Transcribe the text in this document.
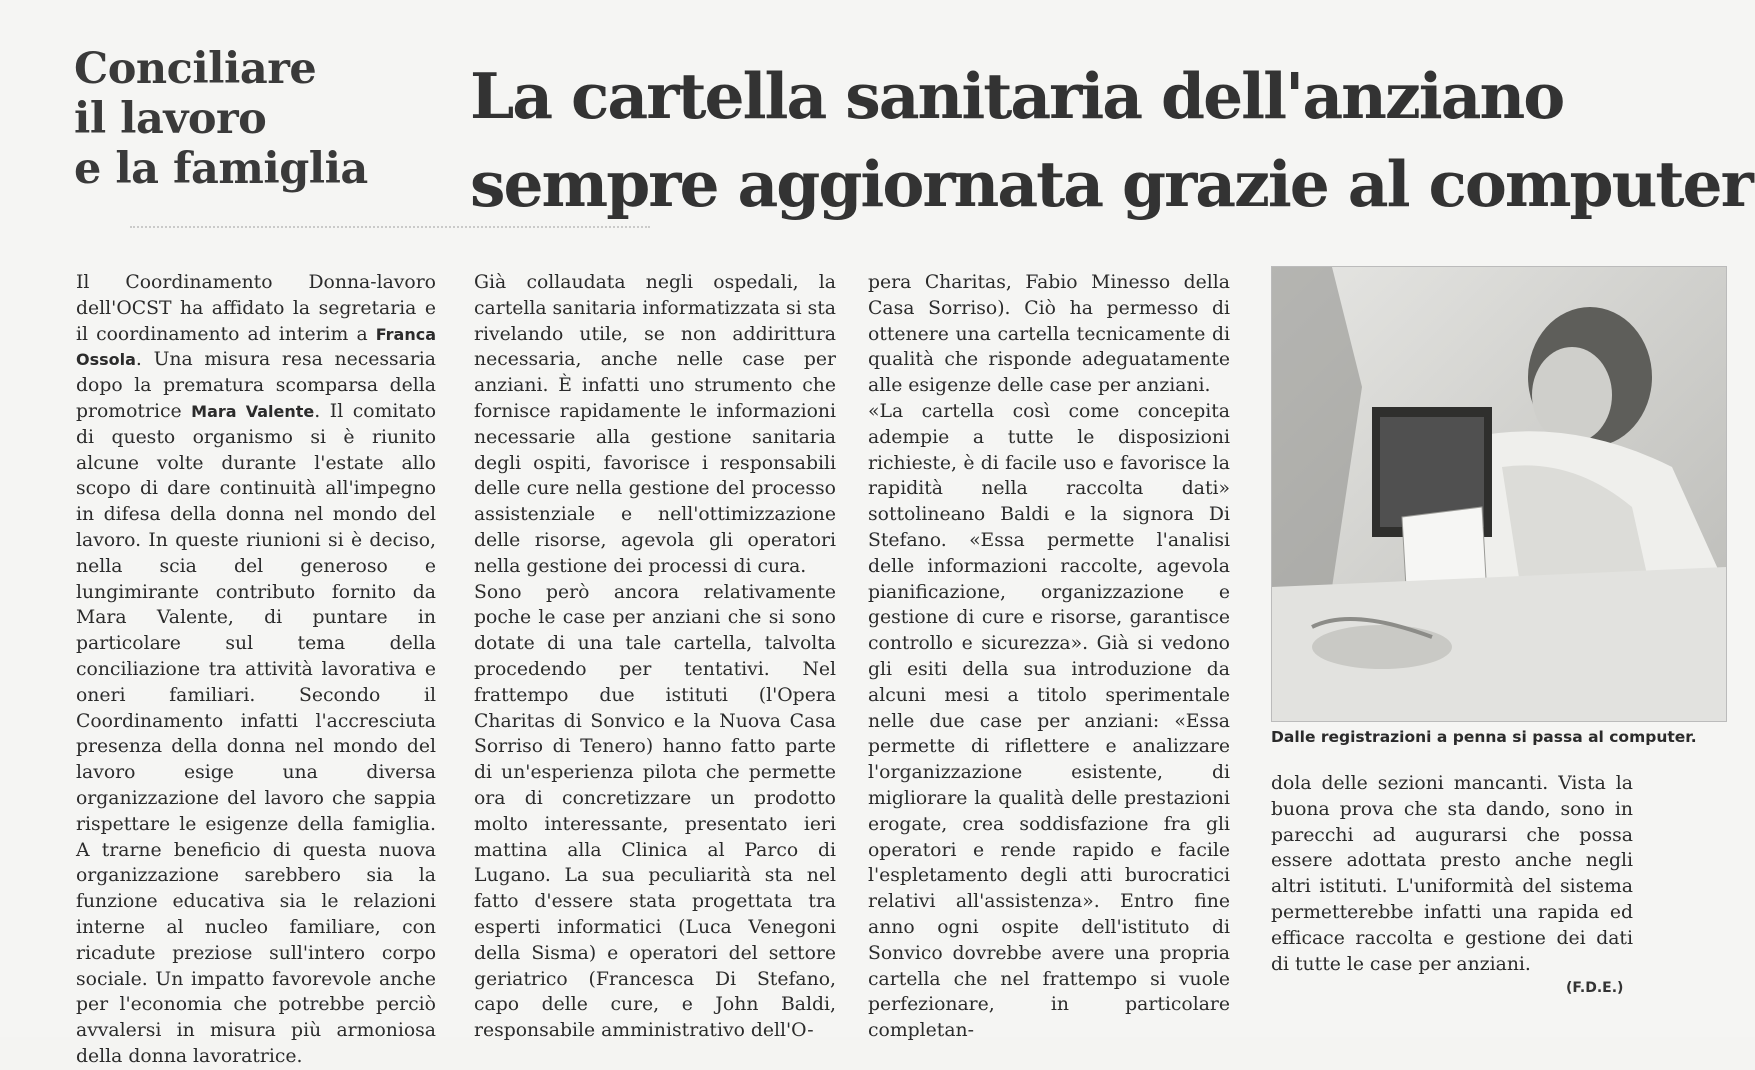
Conciliare
il lavoro
e la famiglia
La cartella sanitaria dell'anziano
sempre aggiornata grazie al computer

Il Coordinamento Donna-lavoro dell'OCST ha affidato la segretaria e il coordinamento ad interim a Franca Ossola. Una misura resa necessaria dopo la prematura scomparsa della promotrice Mara Valente. Il comitato di questo organismo si è riunito alcune volte durante l'estate allo scopo di dare continuità all'impegno in difesa della donna nel mondo del lavoro. In queste riunioni si è deciso, nella scia del generoso e lungimirante contributo fornito da Mara Valente, di puntare in particolare sul tema della conciliazione tra attività lavorativa e oneri familiari. Secondo il Coordinamento infatti l'accresciuta presenza della donna nel mondo del lavoro esige una diversa organizzazione del lavoro che sappia rispettare le esigenze della famiglia. A trarne beneficio di questa nuova organizzazione sarebbero sia la funzione educativa sia le relazioni interne al nucleo familiare, con ricadute preziose sull'intero corpo sociale. Un impatto favorevole anche per l'economia che potrebbe perciò avvalersi in misura più armoniosa della donna lavoratrice.

Già collaudata negli ospedali, la cartella sanitaria informatizzata si sta rivelando utile, se non addirittura necessaria, anche nelle case per anziani. È infatti uno strumento che fornisce rapidamente le informazioni necessarie alla gestione sanitaria degli ospiti, favorisce i responsabili delle cure nella gestione del processo assistenziale e nell'ottimizzazione delle risorse, agevola gli operatori nella gestione dei processi di cura.

Sono però ancora relativamente poche le case per anziani che si sono dotate di una tale cartella, talvolta procedendo per tentativi. Nel frattempo due istituti (l'Opera Charitas di Sonvico e la Nuova Casa Sorriso di Tenero) hanno fatto parte di un'esperienza pilota che permette ora di concretizzare un prodotto molto interessante, presentato ieri mattina alla Clinica al Parco di Lugano. La sua peculiarità sta nel fatto d'essere stata progettata tra esperti informatici (Luca Venegoni della Sisma) e operatori del settore geriatrico (Francesca Di Stefano, capo delle cure, e John Baldi, responsabile amministrativo dell'O-

pera Charitas, Fabio Minesso della Casa Sorriso). Ciò ha permesso di ottenere una cartella tecnicamente di qualità che risponde adeguatamente alle esigenze delle case per anziani.

«La cartella così come concepita adempie a tutte le disposizioni richieste, è di facile uso e favorisce la rapidità nella raccolta dati» sottolineano Baldi e la signora Di Stefano. «Essa permette l'analisi delle informazioni raccolte, agevola pianificazione, organizzazione e gestione di cure e risorse, garantisce controllo e sicurezza». Già si vedono gli esiti della sua introduzione da alcuni mesi a titolo sperimentale nelle due case per anziani: «Essa permette di riflettere e analizzare l'organizzazione esistente, di migliorare la qualità delle prestazioni erogate, crea soddisfazione fra gli operatori e rende rapido e facile l'espletamento degli atti burocratici relativi all'assistenza». Entro fine anno ogni ospite dell'istituto di Sonvico dovrebbe avere una propria cartella che nel frattempo si vuole perfezionare, in particolare completan-

Dalle registrazioni a penna si passa al computer.

dola delle sezioni mancanti. Vista la buona prova che sta dando, sono in parecchi ad augurarsi che possa essere adottata presto anche negli altri istituti. L'uniformità del sistema permetterebbe infatti una rapida ed efficace raccolta e gestione dei dati di tutte le case per anziani.

(F.D.E.)
